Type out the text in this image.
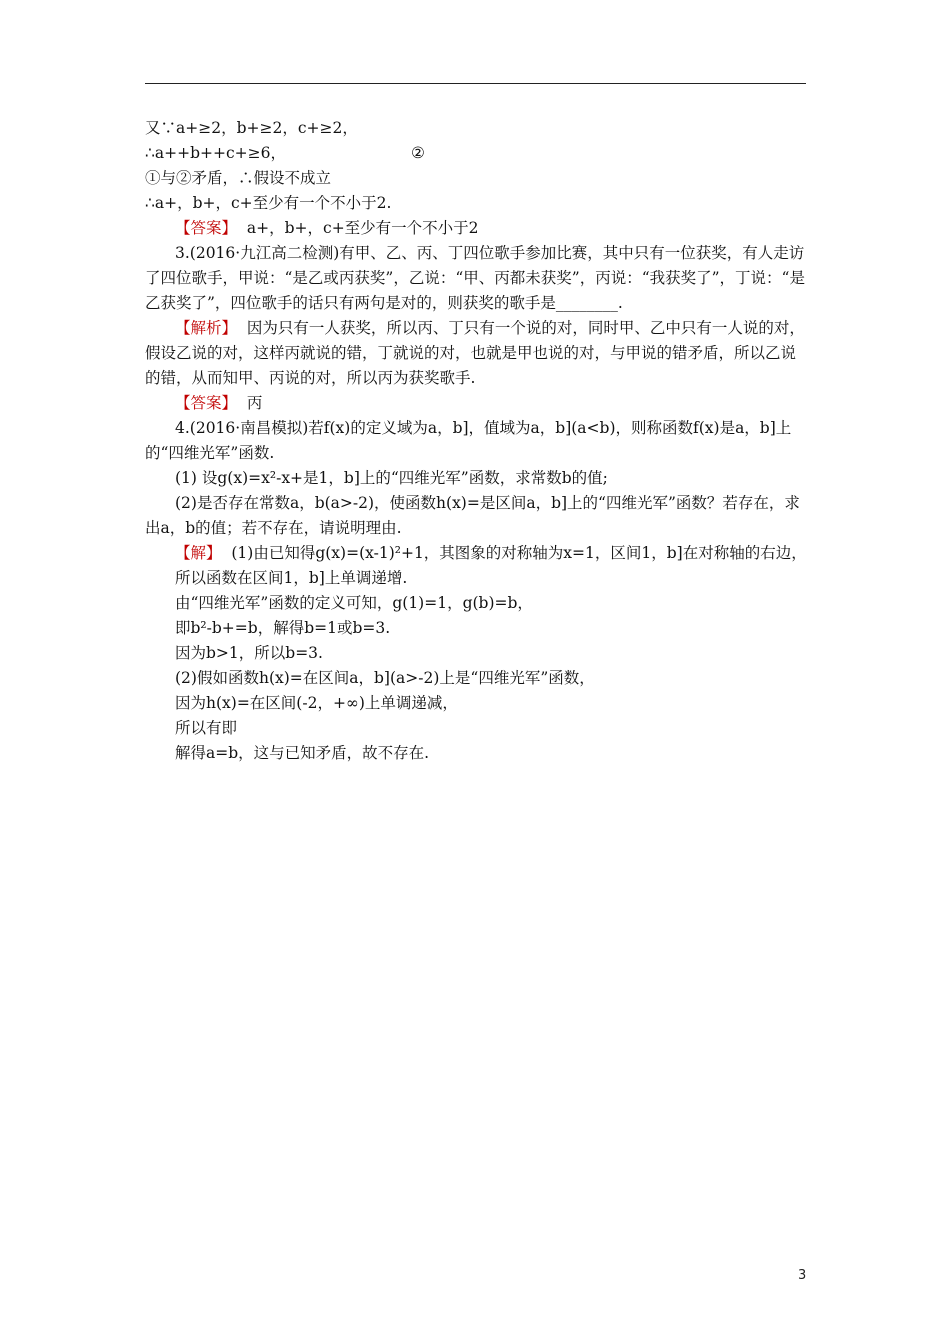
又∵a+≥2，b+≥2，c+≥2，
∴a++b++c+≥6，	②
①与②矛盾，∴假设不成立
∴a+，b+，c+至少有一个不小于2.
【答案】 a+，b+，c+至少有一个不小于2
3.(2016·九江高二检测)有甲、乙、丙、丁四位歌手参加比赛，其中只有一位获奖，有人走访了四位歌手，甲说：“是乙或丙获奖”，乙说：“甲、丙都未获奖”，丙说：“我获奖了”，丁说：“是乙获奖了”，四位歌手的话只有两句是对的，则获奖的歌手是________.
【解析】 因为只有一人获奖，所以丙、丁只有一个说的对，同时甲、乙中只有一人说的对，假设乙说的对，这样丙就说的错，丁就说的对，也就是甲也说的对，与甲说的错矛盾，所以乙说的错，从而知甲、丙说的对，所以丙为获奖歌手.
【答案】 丙
4.(2016·南昌模拟)若f(x)的定义域为a，b]，值域为a，b](a<b)，则称函数f(x)是a，b]上的“四维光军”函数.
(1) 设g(x)=x²-x+是1，b]上的“四维光军”函数，求常数b的值;
(2)是否存在常数a，b(a>-2)，使函数h(x)=是区间a，b]上的“四维光军”函数？若存在，求出a，b的值；若不存在，请说明理由.
【解】 (1)由已知得g(x)=(x-1)²+1，其图象的对称轴为x=1，区间1，b]在对称轴的右边，
所以函数在区间1，b]上单调递增.
由“四维光军”函数的定义可知，g(1)=1，g(b)=b，
即b²-b+=b，解得b=1或b=3.
因为b>1，所以b=3.
(2)假如函数h(x)=在区间a，b](a>-2)上是“四维光军”函数，
因为h(x)=在区间(-2，+∞)上单调递减，
所以有即
解得a=b，这与已知矛盾，故不存在.
3
